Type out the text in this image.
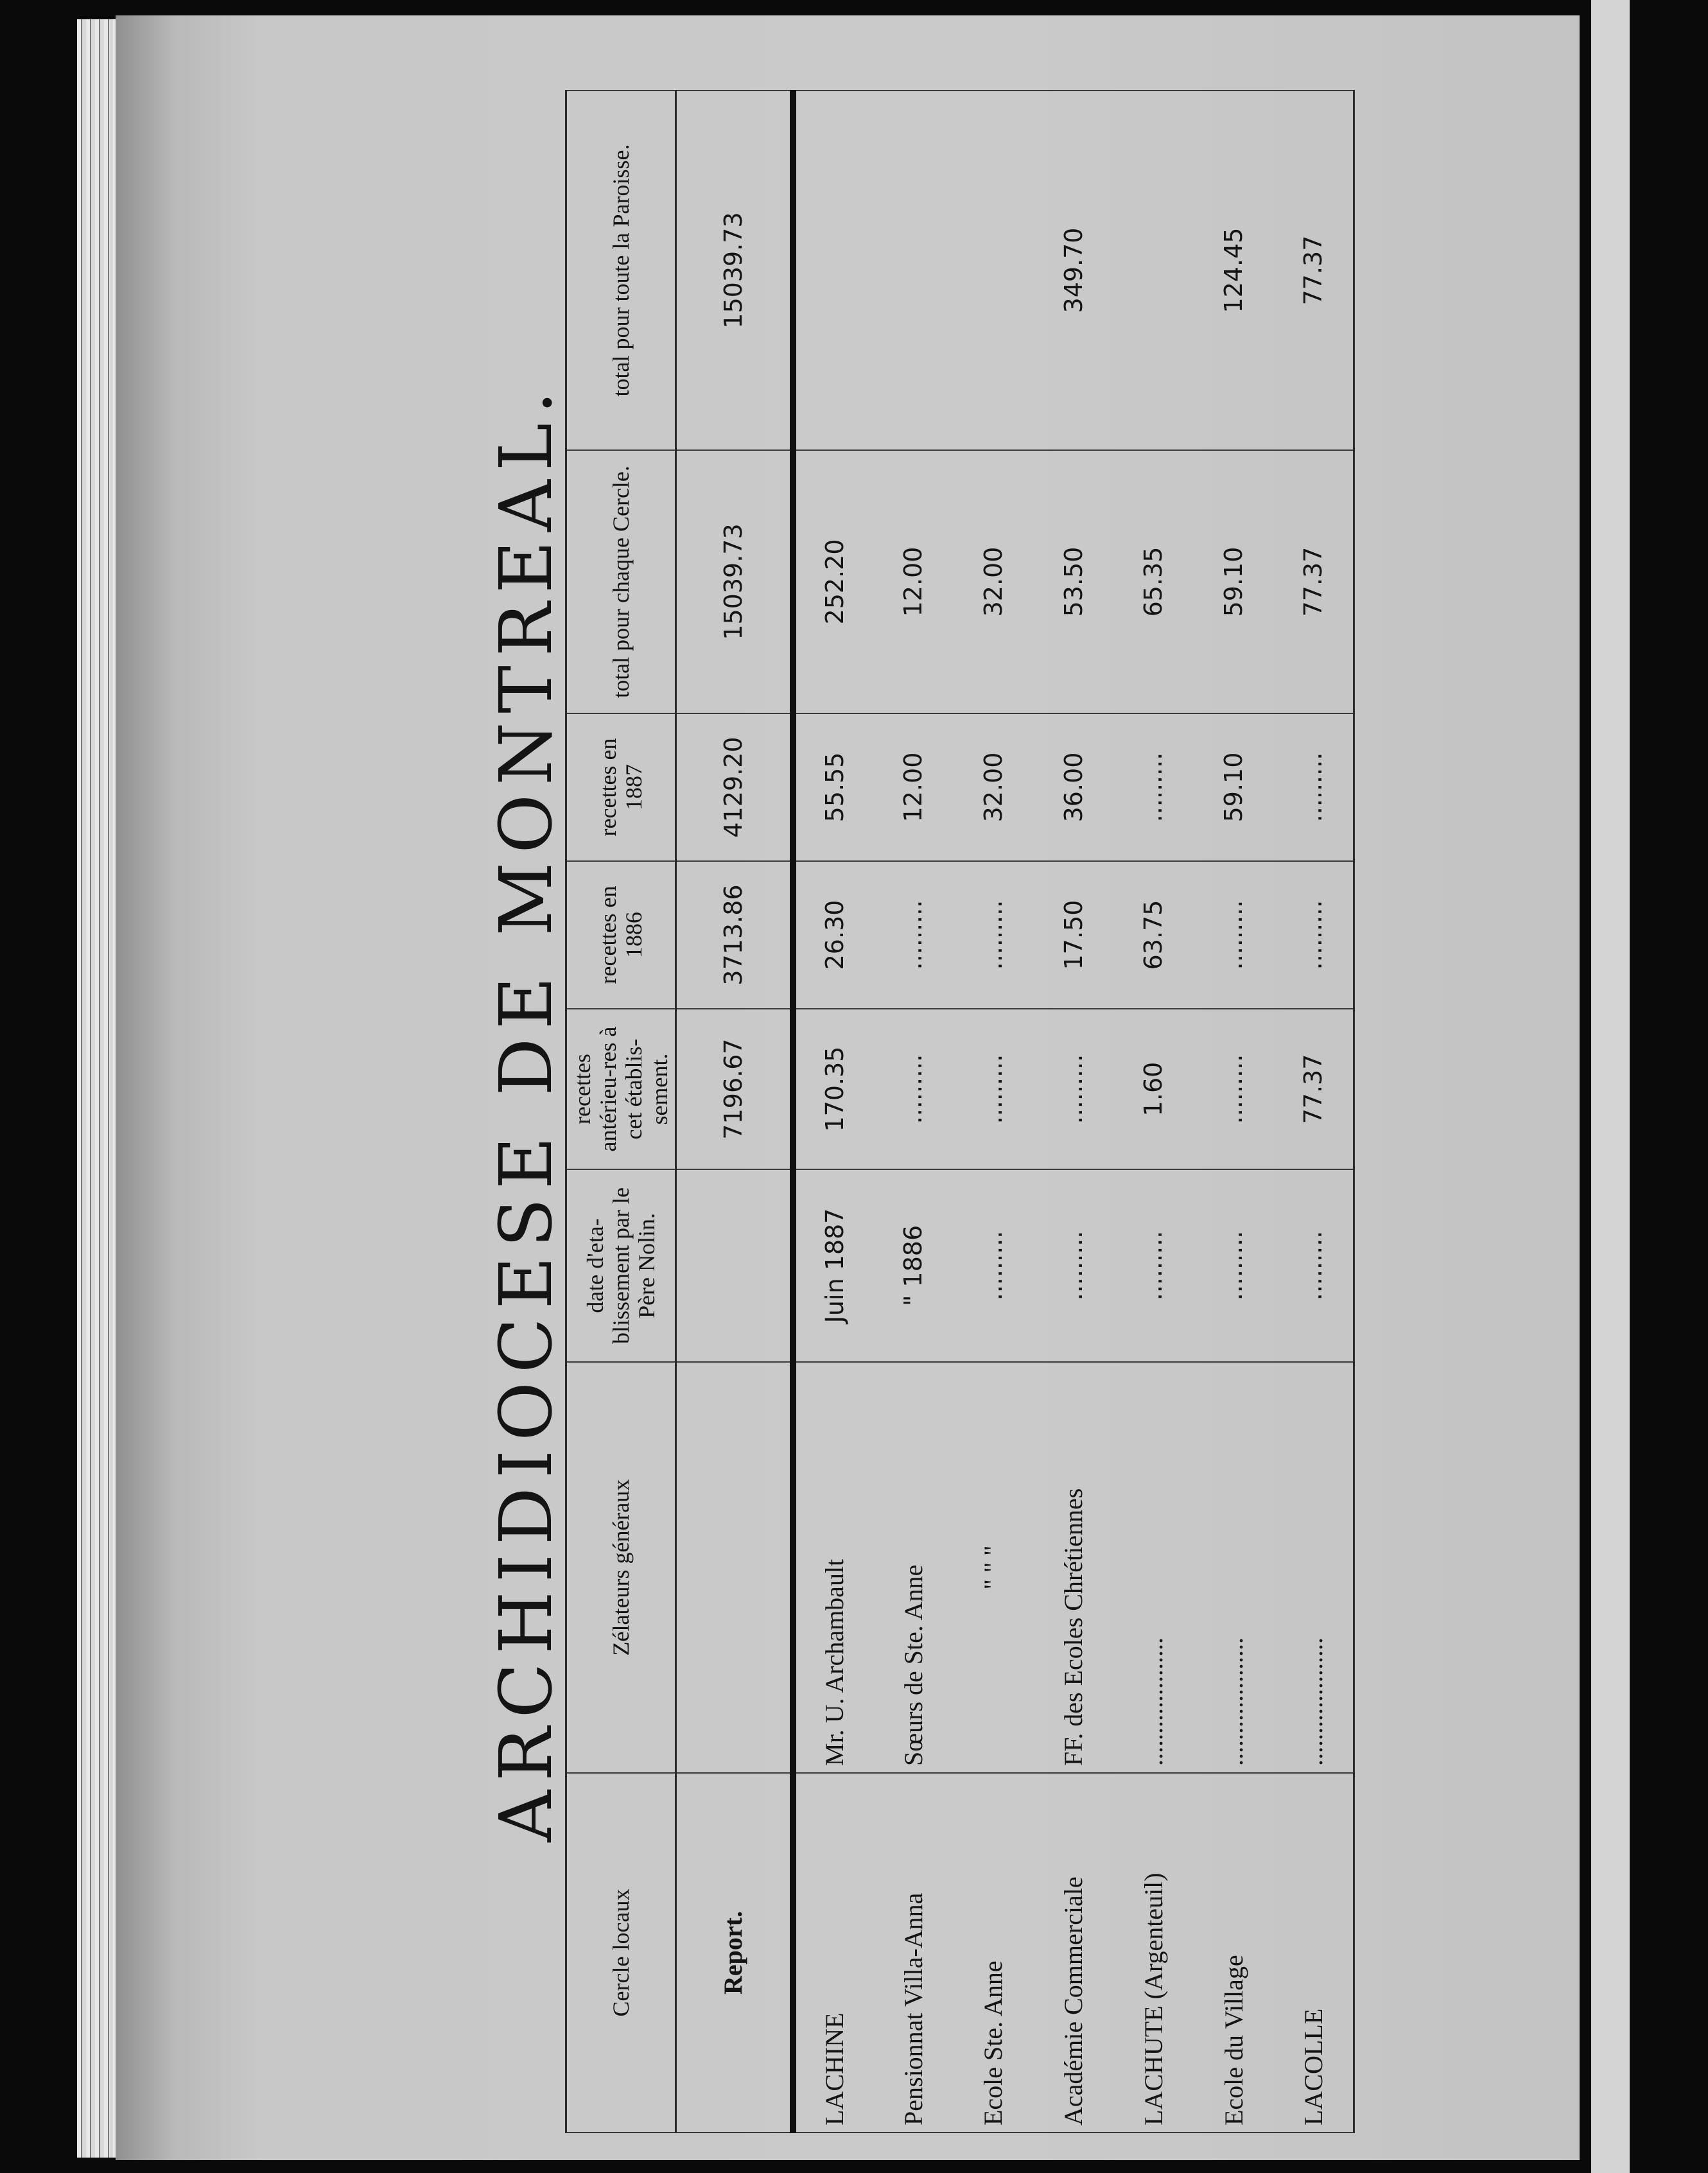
ARCHIDIOCESE DE MONTREAL.
Cercle locaux	Zélateurs généraux	date d'eta-blissement par le Père Nolin.	recettes antérieu-res à cet établis-sement.	recettes en 1886	recettes en 1887	total pour chaque Cercle.	total pour toute la Paroisse.
Report.			7196.67	3713.86	4129.20	15039.73	15039.73
LACHINE	Mr. U. Archambault	Juin 1887	170.35	26.30	55.55	252.20	
Pensionnat Villa-Anna	Sœurs de Ste. Anne	" 1886	.........	.........	12.00	12.00	
Ecole Ste. Anne	" " "	.........	.........	.........	32.00	32.00	
Académie Commerciale	FF. des Ecoles Chrétiennes	.........	.........	17.50	36.00	53.50	349.70
LACHUTE (Argenteuil)	....................	.........	1.60	63.75	.........	65.35	
Ecole du Village	....................	.........	.........	.........	59.10	59.10	124.45
LACOLLE	....................	.........	77.37	.........	.........	77.37	77.37
